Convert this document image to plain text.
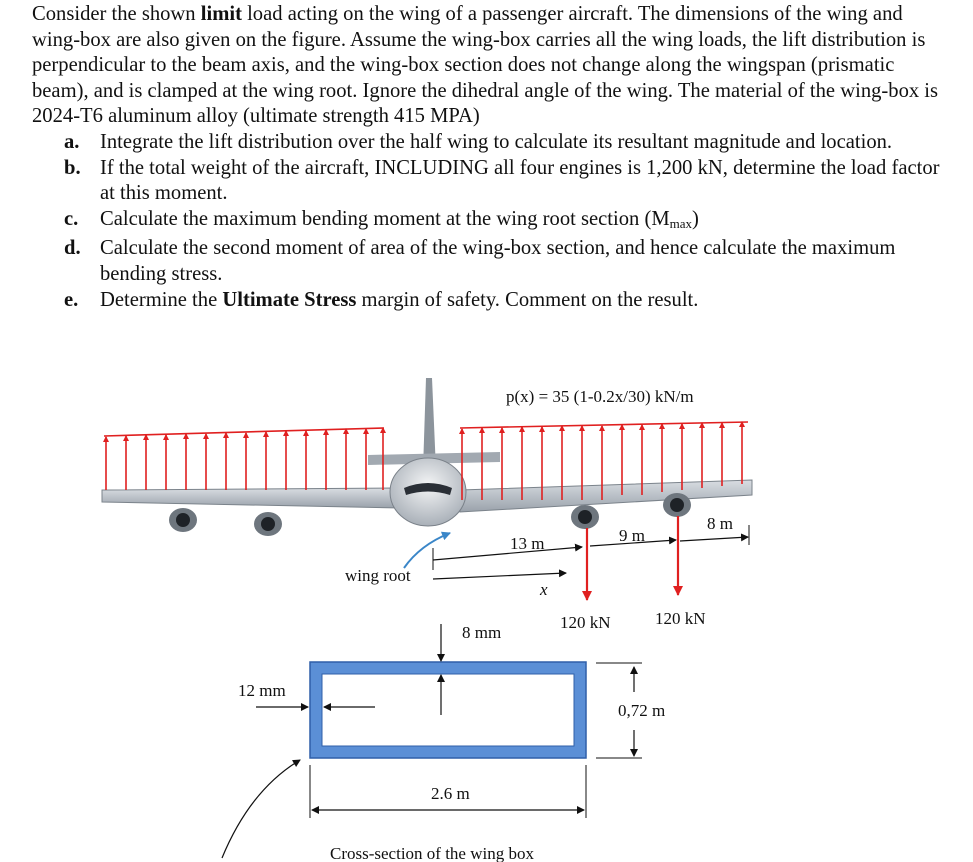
Consider the shown limit load acting on the wing of a passenger aircraft. The dimensions of the wing and wing-box are also given on the figure. Assume the wing-box carries all the wing loads, the lift distribution is perpendicular to the beam axis, and the wing-box section does not change along the wingspan (prismatic beam), and is clamped at the wing root. Ignore the dihedral angle of the wing. The material of the wing-box is 2024-T6 aluminum alloy (ultimate strength 415 MPA)
a. Integrate the lift distribution over the half wing to calculate its resultant magnitude and location.
b. If the total weight of the aircraft, INCLUDING all four engines is 1,200 kN, determine the load factor at this moment.
c.	Calculate the maximum bending moment at the wing root section $(M_{max})$
d. Calculate the second moment of area of the wing-box section, and hence calculate the maximum bending stress.
e.	Determine the Ultimate Stress margin of safety. Comment on the result.
p(x) = 35 (1-0.2x/30) kN/m
wing root
13 m	9 m
8 m
x
120 kN	120 kN
8 mm
12 mm
0,72 m
2.6 m
Cross-section of the wing box
